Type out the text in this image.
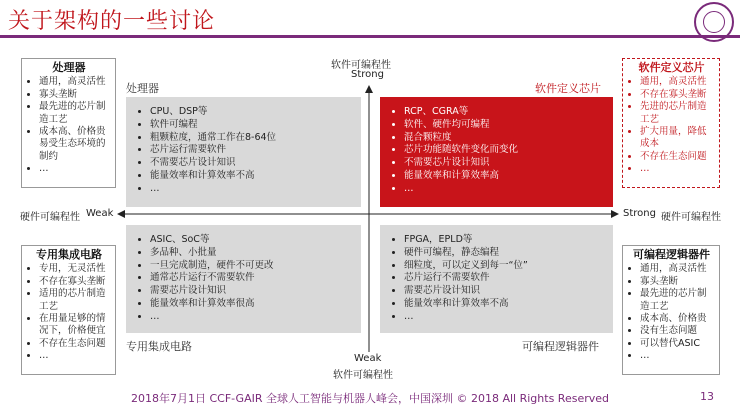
关于架构的一些讨论
软件可编程性
Strong
Weak
软件可编程性
硬件可编程性 Weak	Strong 硬件可编程性
处理器	软件定义芯片
专用集成电路	可编程逻辑器件
• CPU、DSP等
• 软件可编程
• 粗颗粒度，通常工作在8-64位
• 芯片运行需要软件
• 不需要芯片设计知识
• 能量效率和计算效率不高
• …
• RCP、CGRA等
• 软件、硬件均可编程
• 混合颗粒度
• 芯片功能随软件变化而变化
• 不需要芯片设计知识
• 能量效率和计算效率高
• …
• ASIC、SoC等
• 多品种、小批量
• 一旦完成制造，硬件不可更改
• 通常芯片运行不需要软件
• 需要芯片设计知识
• 能量效率和计算效率很高
• …
• FPGA，EPLD等
• 硬件可编程，静态编程
• 细粒度，可以定义到每一“位”
• 芯片运行不需要软件
• 需要芯片设计知识
• 能量效率和计算效率不高
• …
处理器
• 通用，高灵活性
• 寡头垄断
• 最先进的芯片制造工艺
• 成本高、价格贵易受生态环境的制约
• …
专用集成电路
• 专用，无灵活性
• 不存在寡头垄断
• 适用的芯片制造工艺
• 在用量足够的情况下，价格便宜
• 不存在生态问题
• …
软件定义芯片
• 通用，高灵活性
• 不存在寡头垄断
• 先进的芯片制造工艺
• 扩大用量，降低成本
• 不存在生态问题
• …
可编程逻辑器件
• 通用，高灵活性
• 寡头垄断
• 最先进的芯片制造工艺
• 成本高、价格贵
• 没有生态问题
• 可以替代ASIC
• …
2018年7月1日 CCF-GAIR 全球人工智能与机器人峰会，中国深圳 © 2018 All Rights Reserved	13
